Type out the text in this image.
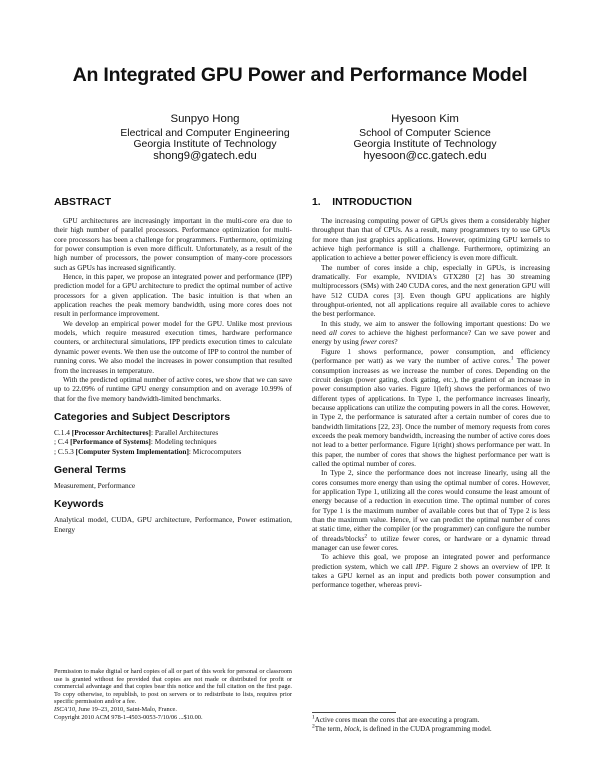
An Integrated GPU Power and Performance Model
Sunpyo Hong
Electrical and Computer Engineering
Georgia Institute of Technology
shong9@gatech.edu
Hyesoon Kim
School of Computer Science
Georgia Institute of Technology
hyesoon@cc.gatech.edu
ABSTRACT

GPU architectures are increasingly important in the multi-core era due to their high number of parallel processors. Performance optimization for multi-core processors has been a challenge for programmers. Furthermore, optimizing for power consumption is even more difficult. Unfortunately, as a result of the high number of processors, the power consumption of many-core processors such as GPUs has increased significantly.

Hence, in this paper, we propose an integrated power and performance (IPP) prediction model for a GPU architecture to predict the optimal number of active processors for a given application. The basic intuition is that when an application reaches the peak memory bandwidth, using more cores does not result in performance improvement.

We develop an empirical power model for the GPU. Unlike most previous models, which require measured execution times, hardware performance counters, or architectural simulations, IPP predicts execution times to calculate dynamic power events. We then use the outcome of IPP to control the number of running cores. We also model the increases in power consumption that resulted from the increases in temperature.

With the predicted optimal number of active cores, we show that we can save up to 22.09% of runtime GPU energy consumption and on average 10.99% of that for the five memory bandwidth-limited benchmarks.

Categories and Subject Descriptors
C.1.4 [Processor Architectures]: Parallel Architectures
; C.4 [Performance of Systems]: Modeling techniques
; C.5.3 [Computer System Implementation]: Microcomputers
General Terms

Measurement, Performance

Keywords

Analytical model, CUDA, GPU architecture, Performance, Power estimation, Energy

Permission to make digital or hard copies of all or part of this work for personal or classroom use is granted without fee provided that copies are not made or distributed for profit or commercial advantage and that copies bear this notice and the full citation on the first page. To copy otherwise, to republish, to post on servers or to redistribute to lists, requires prior specific permission and/or a fee.

ISCA'10, June 19–23, 2010, Saint-Malo, France.

Copyright 2010 ACM 978-1-4503-0053-7/10/06 ...$10.00.

1.    INTRODUCTION

The increasing computing power of GPUs gives them a considerably higher throughput than that of CPUs. As a result, many programmers try to use GPUs for more than just graphics applications. However, optimizing GPU kernels to achieve high performance is still a challenge. Furthermore, optimizing an application to achieve a better power efficiency is even more difficult.

The number of cores inside a chip, especially in GPUs, is increasing dramatically. For example, NVIDIA's GTX280 [2] has 30 streaming multiprocessors (SMs) with 240 CUDA cores, and the next generation GPU will have 512 CUDA cores [3]. Even though GPU applications are highly throughput-oriented, not all applications require all available cores to achieve the best performance.

In this study, we aim to answer the following important questions: Do we need all cores to achieve the highest performance? Can we save power and energy by using fewer cores?

Figure 1 shows performance, power consumption, and efficiency (performance per watt) as we vary the number of active cores.$^1$ The power consumption increases as we increase the number of cores. Depending on the circuit design (power gating, clock gating, etc.), the gradient of an increase in power consumption also varies. Figure 1(left) shows the performances of two different types of applications. In Type 1, the performance increases linearly, because applications can utilize the computing powers in all the cores. However, in Type 2, the performance is saturated after a certain number of cores due to bandwidth limitations [22, 23]. Once the number of memory requests from cores exceeds the peak memory bandwidth, increasing the number of active cores does not lead to a better performance. Figure 1(right) shows performance per watt. In this paper, the number of cores that shows the highest performance per watt is called the optimal number of cores.

In Type 2, since the performance does not increase linearly, using all the cores consumes more energy than using the optimal number of cores. However, for application Type 1, utilizing all the cores would consume the least amount of energy because of a reduction in execution time. The optimal number of cores for Type 1 is the maximum number of available cores but that of Type 2 is less than the maximum value. Hence, if we can predict the optimal number of cores at static time, either the compiler (or the programmer) can configure the number of threads/blocks$^2$ to utilize fewer cores, or hardware or a dynamic thread manager can use fewer cores.

To achieve this goal, we propose an integrated power and performance prediction system, which we call IPP. Figure 2 shows an overview of IPP. It takes a GPU kernel as an input and predicts both power consumption and performance together, whereas previ-

$^1$Active cores mean the cores that are executing a program.
$^2$The term, block, is defined in the CUDA programming model.
